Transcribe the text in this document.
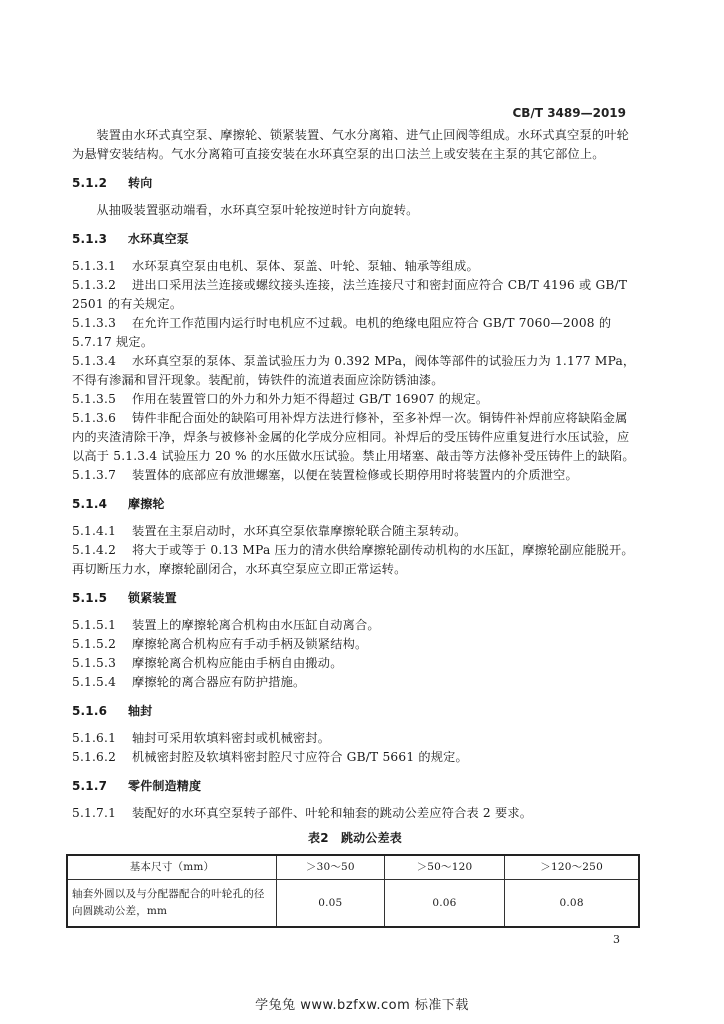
CB/T 3489—2019

装置由水环式真空泵、摩擦轮、锁紧装置、气水分离箱、进气止回阀等组成。水环式真空泵的叶轮为悬臂安装结构。气水分离箱可直接安装在水环真空泵的出口法兰上或安装在主泵的其它部位上。

5.1.2	转向

从抽吸装置驱动端看，水环真空泵叶轮按逆时针方向旋转。

5.1.3	水环真空泵

5.1.3.1 水环泵真空泵由电机、泵体、泵盖、叶轮、泵轴、轴承等组成。

5.1.3.2 进出口采用法兰连接或螺纹接头连接，法兰连接尺寸和密封面应符合 CB/T 4196 或 GB/T 2501 的有关规定。

5.1.3.3 在允许工作范围内运行时电机应不过载。电机的绝缘电阻应符合 GB/T 7060—2008 的 5.7.17 规定。

5.1.3.4 水环真空泵的泵体、泵盖试验压力为 0.392 MPa，阀体等部件的试验压力为 1.177 MPa，不得有渗漏和冒汗现象。装配前，铸铁件的流道表面应涂防锈油漆。

5.1.3.5 作用在装置管口的外力和外力矩不得超过 GB/T 16907 的规定。

5.1.3.6 铸件非配合面处的缺陷可用补焊方法进行修补，至多补焊一次。铜铸件补焊前应将缺陷金属内的夹渣清除干净，焊条与被修补金属的化学成分应相同。补焊后的受压铸件应重复进行水压试验，应以高于 5.1.3.4 试验压力 20 % 的水压做水压试验。禁止用堵塞、敲击等方法修补受压铸件上的缺陷。

5.1.3.7 装置体的底部应有放泄螺塞，以便在装置检修或长期停用时将装置内的介质泄空。

5.1.4	摩擦轮

5.1.4.1 装置在主泵启动时，水环真空泵依靠摩擦轮联合随主泵转动。

5.1.4.2 将大于或等于 0.13 MPa 压力的清水供给摩擦轮副传动机构的水压缸，摩擦轮副应能脱开。再切断压力水，摩擦轮副闭合，水环真空泵应立即正常运转。

5.1.5	锁紧装置

5.1.5.1 装置上的摩擦轮离合机构由水压缸自动离合。

5.1.5.2 摩擦轮离合机构应有手动手柄及锁紧结构。

5.1.5.3 摩擦轮离合机构应能由手柄自由搬动。

5.1.5.4 摩擦轮的离合器应有防护措施。

5.1.6	轴封

5.1.6.1 轴封可采用软填料密封或机械密封。

5.1.6.2 机械密封腔及软填料密封腔尺寸应符合 GB/T 5661 的规定。

5.1.7	零件制造精度

5.1.7.1 装配好的水环真空泵转子部件、叶轮和轴套的跳动公差应符合表 2 要求。

表2　跳动公差表
基本尺寸（mm）	＞30～50	＞50～120	＞120～250
轴套外圆以及与分配器配合的叶轮孔的径向圆跳动公差，mm	0.05	0.06	0.08
3
学兔兔 www.bzfxw.com 标准下载
